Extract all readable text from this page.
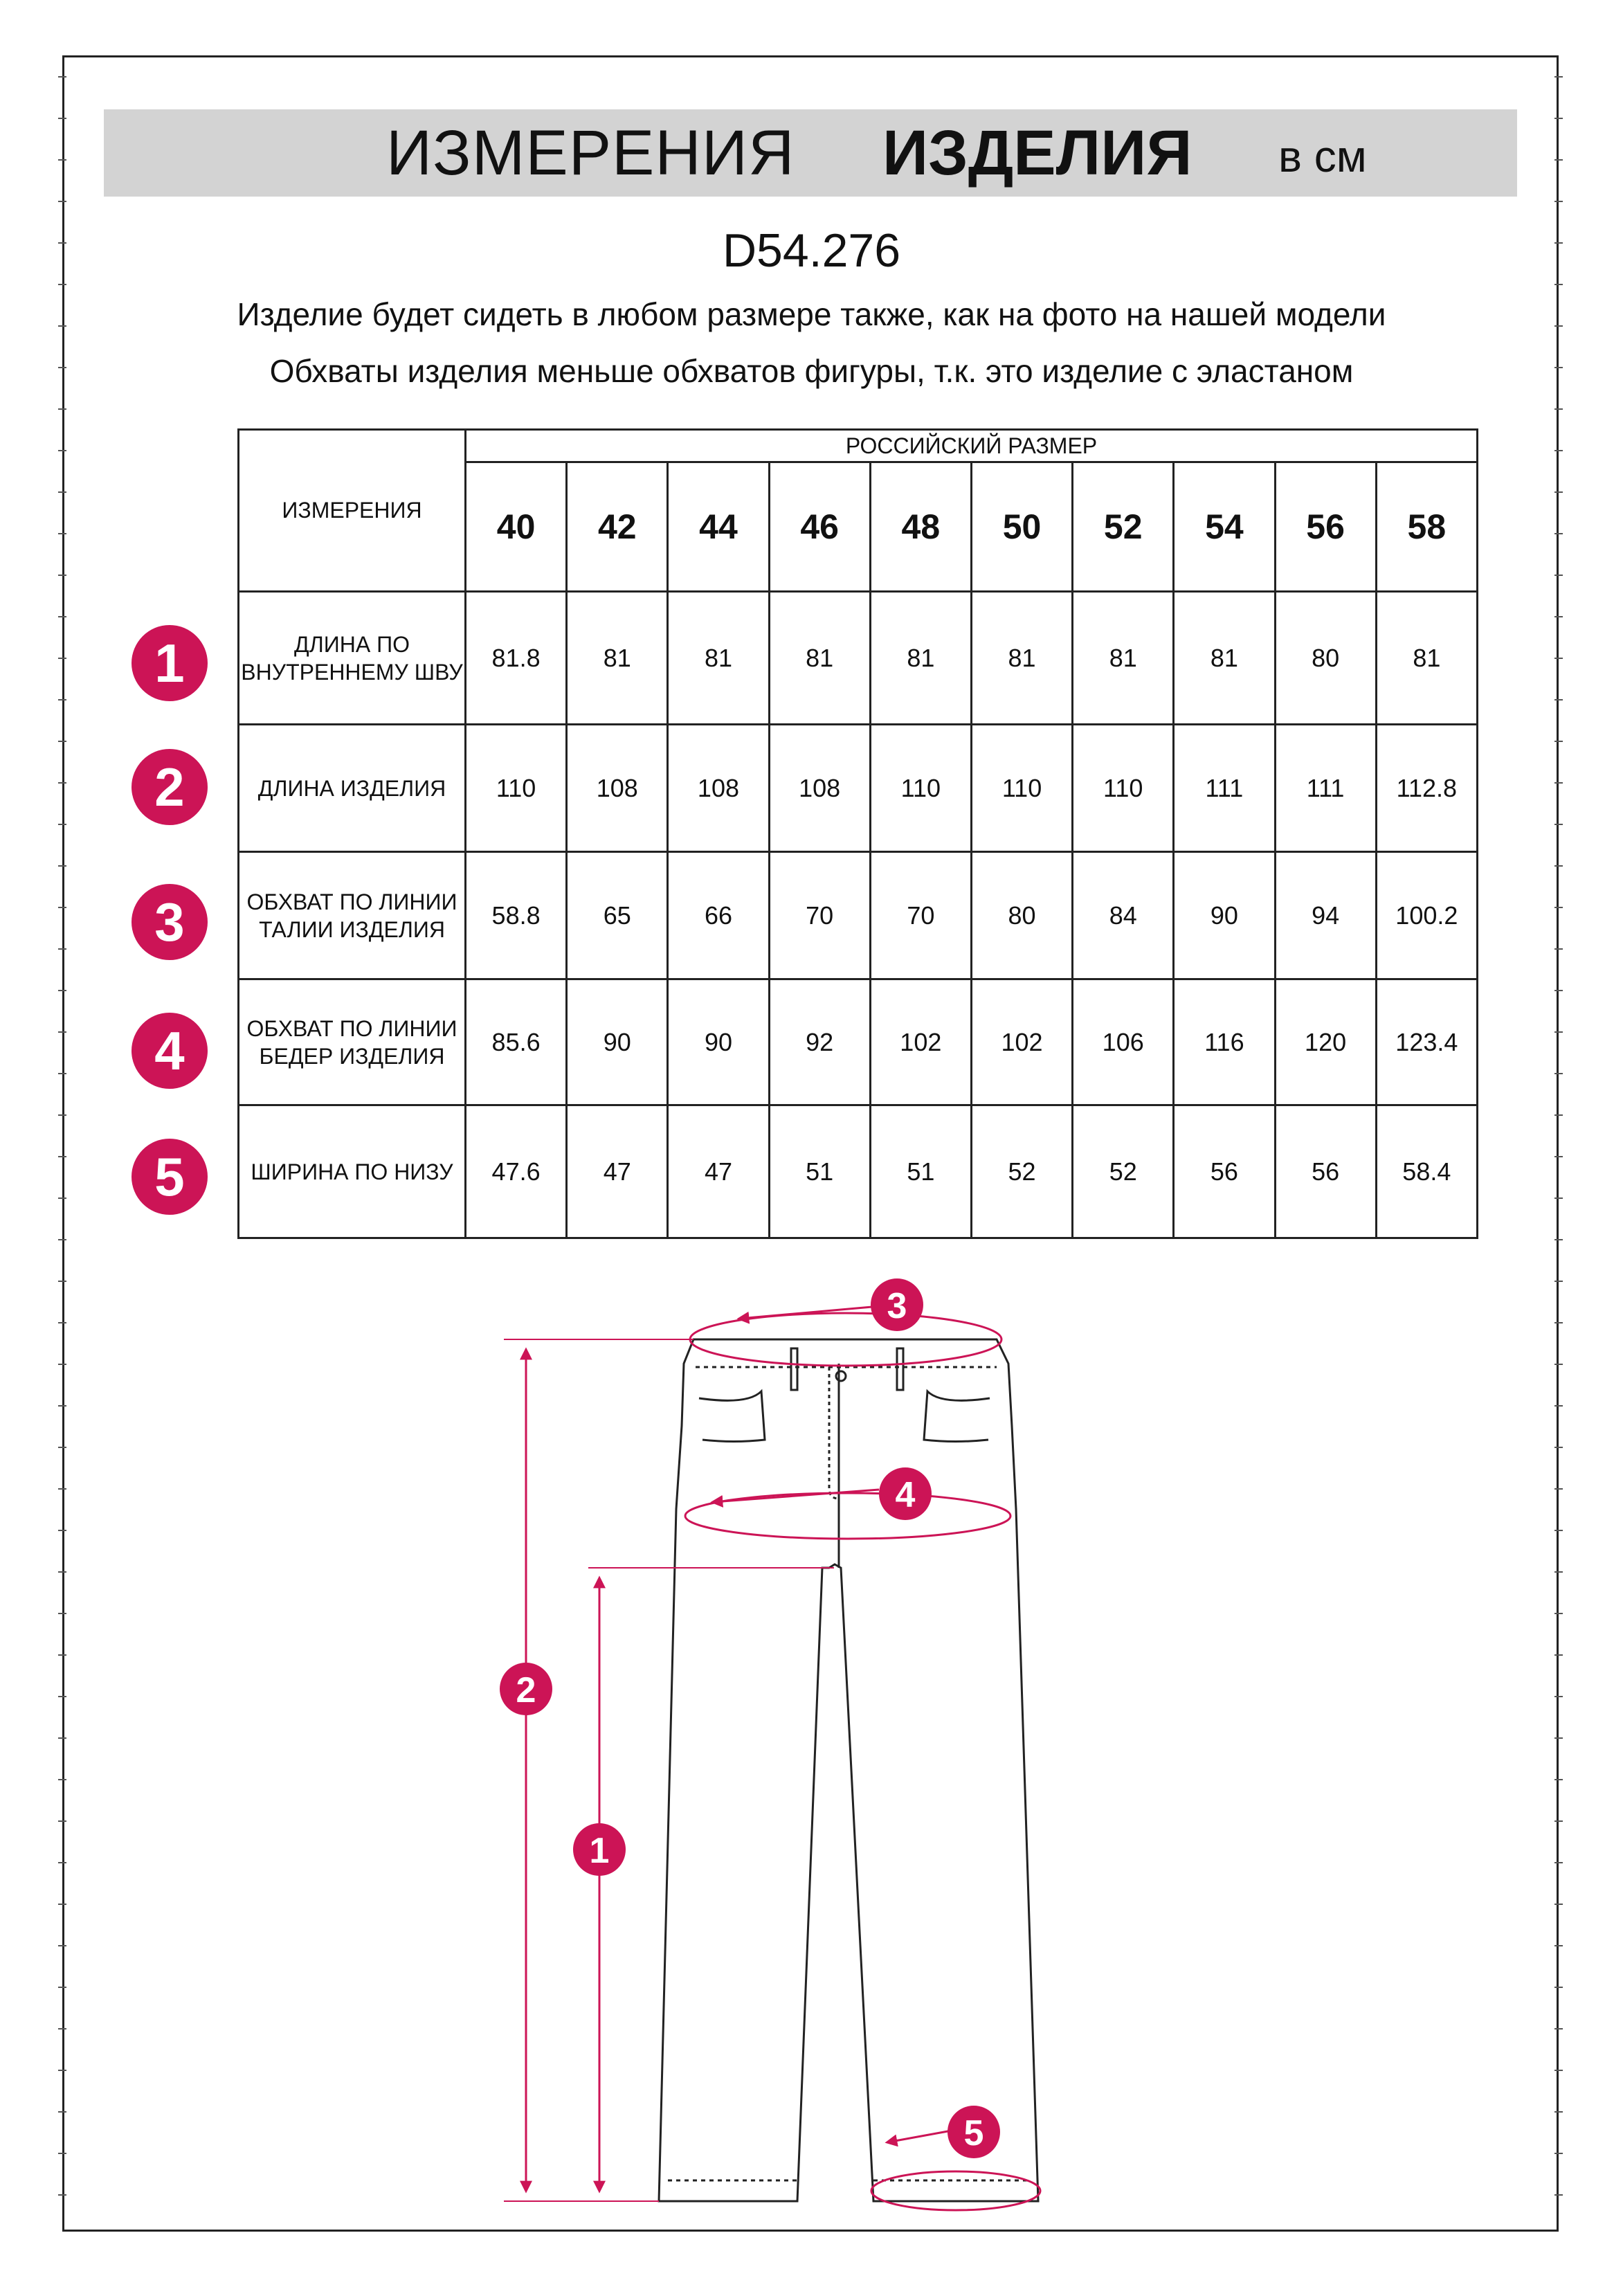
ИЗМЕРЕНИЯ ИЗДЕЛИЯ в см
D54.276
Изделие будет сидеть в любом размере также, как на фото на нашей модели
Обхваты изделия меньше обхватов фигуры, т.к. это изделие с эластаном
ИЗМЕРЕНИЯ	РОССИЙСКИЙ РАЗМЕР									
	40	42	44	46	48	50	52	54	56	58
ДЛИНА ПО ВНУТРЕННЕМУ ШВУ	81.8	81	81	81	81	81	81	81	80	81
ДЛИНА ИЗДЕЛИЯ	110	108	108	108	110	110	110	111	111	112.8
ОБХВАТ ПО ЛИНИИ ТАЛИИ ИЗДЕЛИЯ	58.8	65	66	70	70	80	84	90	94	100.2
ОБХВАТ ПО ЛИНИИ БЕДЕР ИЗДЕЛИЯ	85.6	90	90	92	102	102	106	116	120	123.4
ШИРИНА ПО НИЗУ	47.6	47	47	51	51	52	52	56	56	58.4
1
2
3
4
5
3
4
5
2
1
